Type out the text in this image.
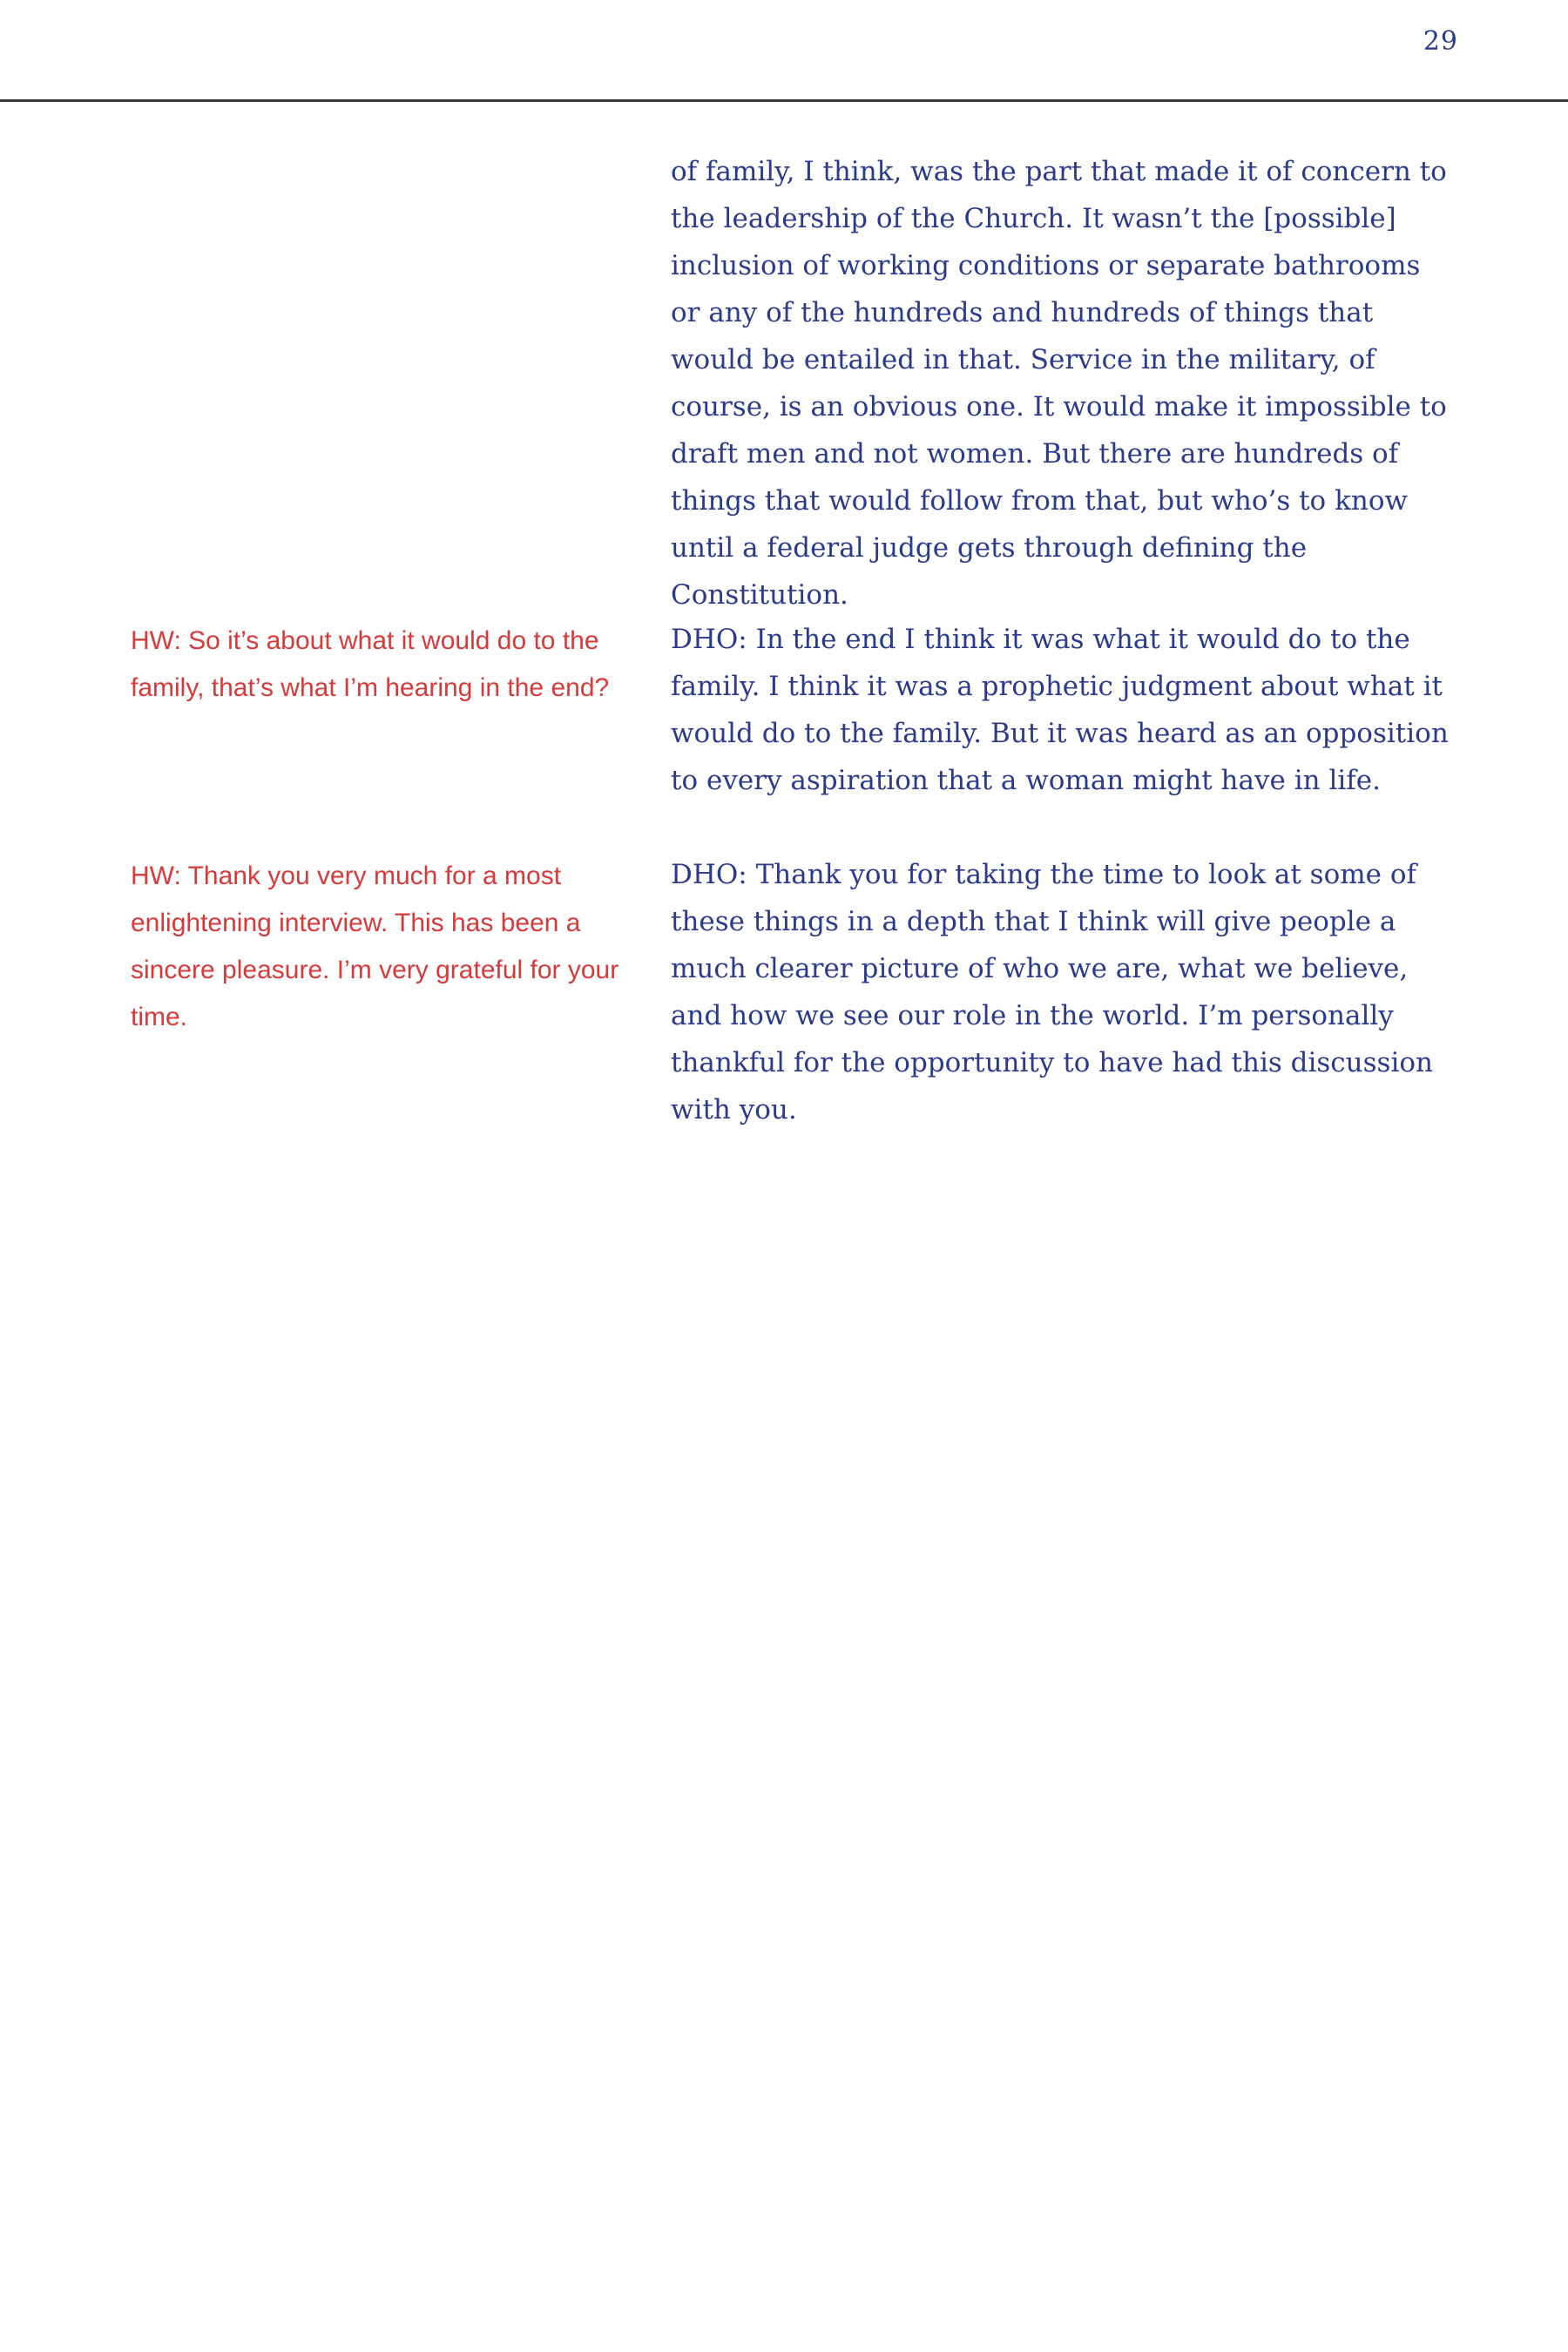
29

of family, I think, was the part that made it of concern to the leadership of the Church. It wasn’t the [possible] inclusion of working conditions or separate bathrooms or any of the hundreds and hundreds of things that would be entailed in that. Service in the military, of course, is an obvious one. It would make it impossible to draft men and not women. But there are hundreds of things that would follow from that, but who’s to know until a federal judge gets through defining the Constitution.

HW: So it’s about what it would do to the family, that’s what I’m hearing in the end?

DHO: In the end I think it was what it would do to the family. I think it was a prophetic judgment about what it would do to the family. But it was heard as an opposition to every aspiration that a woman might have in life.

HW: Thank you very much for a most enlightening interview. This has been a sincere pleasure. I’m very grateful for your time.

DHO: Thank you for taking the time to look at some of these things in a depth that I think will give people a much clearer picture of who we are, what we believe, and how we see our role in the world. I’m personally thankful for the opportunity to have had this discussion with you.
